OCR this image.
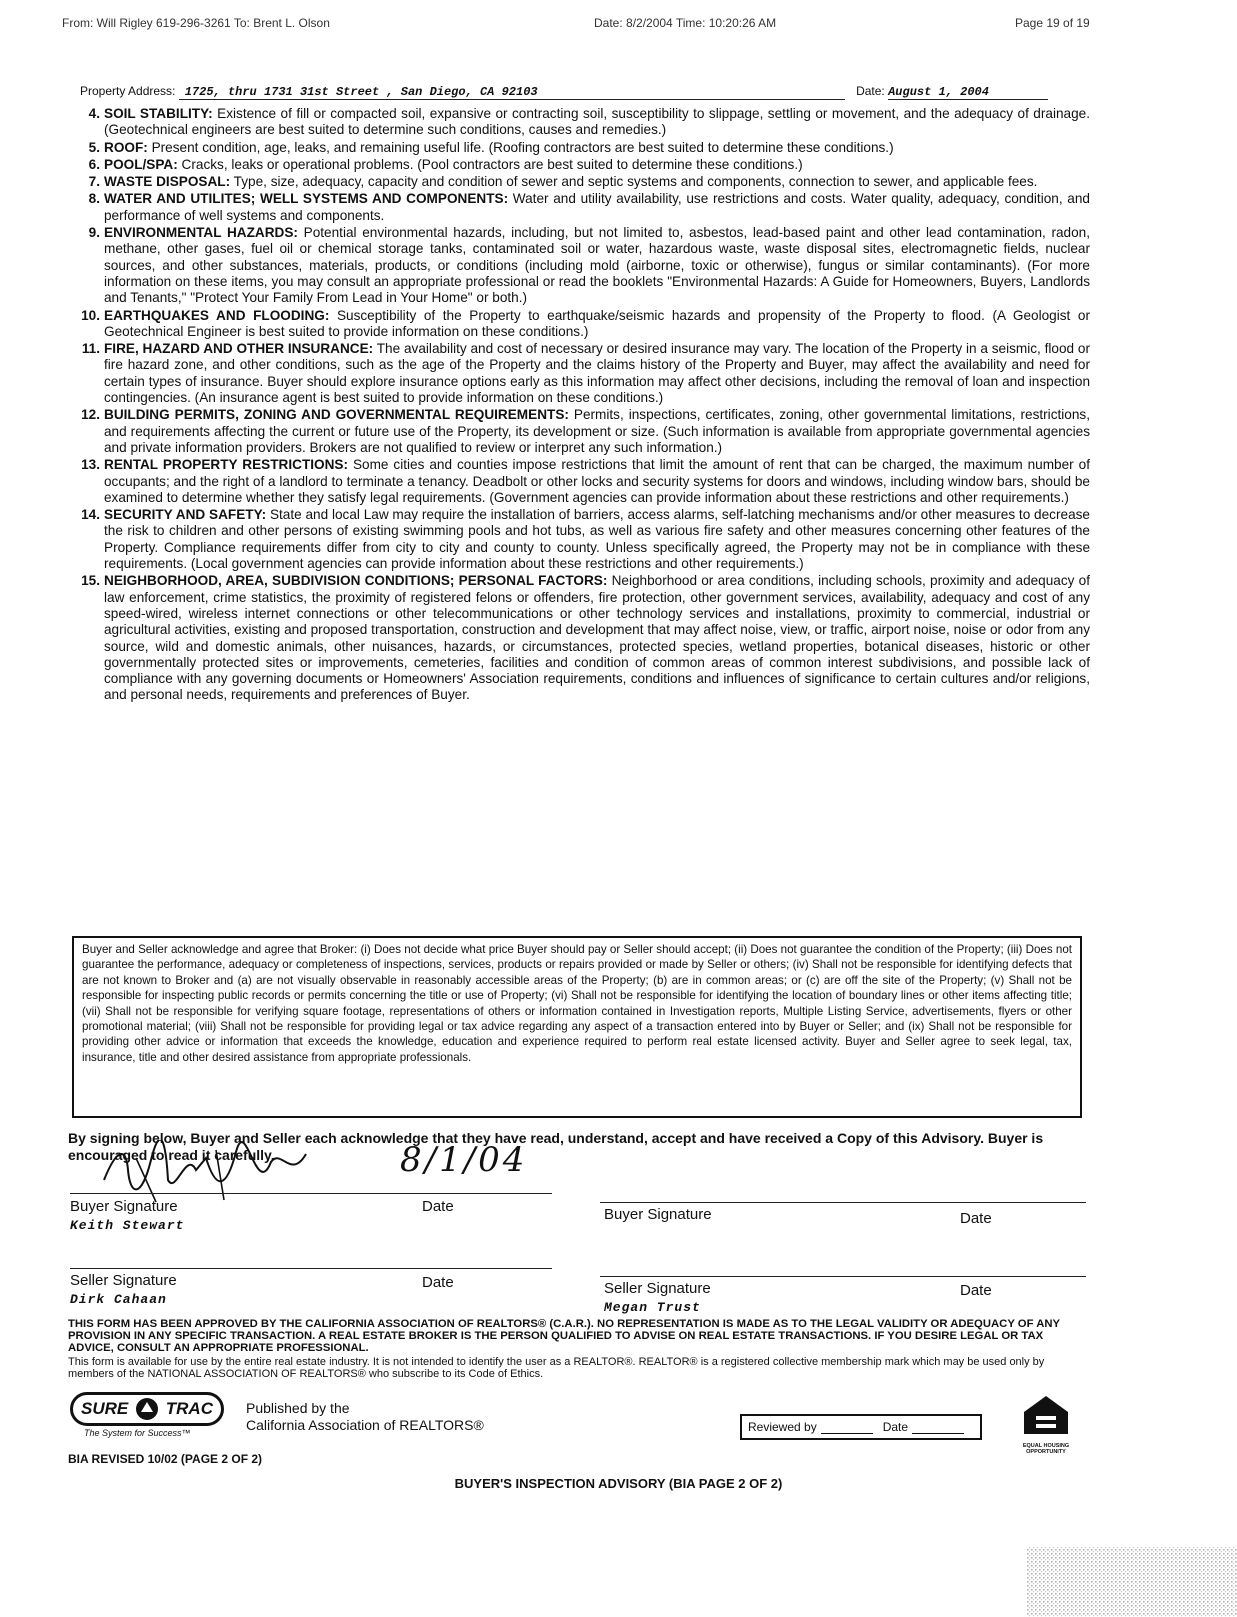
From: Will Rigley 619-296-3261 To: Brent L. Olson	Date: 8/2/2004 Time: 10:20:26 AM	Page 19 of 19
Property Address: 1725, thru 1731 31st Street , San Diego, CA 92103	Date: August 1, 2004
4. SOIL STABILITY: Existence of fill or compacted soil, expansive or contracting soil, susceptibility to slippage, settling or movement, and the adequacy of drainage. (Geotechnical engineers are best suited to determine such conditions, causes and remedies.)
5. ROOF: Present condition, age, leaks, and remaining useful life. (Roofing contractors are best suited to determine these conditions.)
6. POOL/SPA: Cracks, leaks or operational problems. (Pool contractors are best suited to determine these conditions.)
7. WASTE DISPOSAL: Type, size, adequacy, capacity and condition of sewer and septic systems and components, connection to sewer, and applicable fees.
8. WATER AND UTILITES; WELL SYSTEMS AND COMPONENTS: Water and utility availability, use restrictions and costs. Water quality, adequacy, condition, and performance of well systems and components.
9. ENVIRONMENTAL HAZARDS: Potential environmental hazards, including, but not limited to, asbestos, lead-based paint and other lead contamination, radon, methane, other gases, fuel oil or chemical storage tanks, contaminated soil or water, hazardous waste, waste disposal sites, electromagnetic fields, nuclear sources, and other substances, materials, products, or conditions (including mold (airborne, toxic or otherwise), fungus or similar contaminants). (For more information on these items, you may consult an appropriate professional or read the booklets "Environmental Hazards: A Guide for Homeowners, Buyers, Landlords and Tenants," "Protect Your Family From Lead in Your Home" or both.)
10. EARTHQUAKES AND FLOODING: Susceptibility of the Property to earthquake/seismic hazards and propensity of the Property to flood. (A Geologist or Geotechnical Engineer is best suited to provide information on these conditions.)
11. FIRE, HAZARD AND OTHER INSURANCE: The availability and cost of necessary or desired insurance may vary. The location of the Property in a seismic, flood or fire hazard zone, and other conditions, such as the age of the Property and the claims history of the Property and Buyer, may affect the availability and need for certain types of insurance. Buyer should explore insurance options early as this information may affect other decisions, including the removal of loan and inspection contingencies. (An insurance agent is best suited to provide information on these conditions.)
12. BUILDING PERMITS, ZONING AND GOVERNMENTAL REQUIREMENTS: Permits, inspections, certificates, zoning, other governmental limitations, restrictions, and requirements affecting the current or future use of the Property, its development or size. (Such information is available from appropriate governmental agencies and private information providers. Brokers are not qualified to review or interpret any such information.)
13. RENTAL PROPERTY RESTRICTIONS: Some cities and counties impose restrictions that limit the amount of rent that can be charged, the maximum number of occupants; and the right of a landlord to terminate a tenancy. Deadbolt or other locks and security systems for doors and windows, including window bars, should be examined to determine whether they satisfy legal requirements. (Government agencies can provide information about these restrictions and other requirements.)
14. SECURITY AND SAFETY: State and local Law may require the installation of barriers, access alarms, self-latching mechanisms and/or other measures to decrease the risk to children and other persons of existing swimming pools and hot tubs, as well as various fire safety and other measures concerning other features of the Property. Compliance requirements differ from city to city and county to county. Unless specifically agreed, the Property may not be in compliance with these requirements. (Local government agencies can provide information about these restrictions and other requirements.)
15. NEIGHBORHOOD, AREA, SUBDIVISION CONDITIONS; PERSONAL FACTORS: Neighborhood or area conditions, including schools, proximity and adequacy of law enforcement, crime statistics, the proximity of registered felons or offenders, fire protection, other government services, availability, adequacy and cost of any speed-wired, wireless internet connections or other telecommunications or other technology services and installations, proximity to commercial, industrial or agricultural activities, existing and proposed transportation, construction and development that may affect noise, view, or traffic, airport noise, noise or odor from any source, wild and domestic animals, other nuisances, hazards, or circumstances, protected species, wetland properties, botanical diseases, historic or other governmentally protected sites or improvements, cemeteries, facilities and condition of common areas of common interest subdivisions, and possible lack of compliance with any governing documents or Homeowners' Association requirements, conditions and influences of significance to certain cultures and/or religions, and personal needs, requirements and preferences of Buyer.
Buyer and Seller acknowledge and agree that Broker: (i) Does not decide what price Buyer should pay or Seller should accept; (ii) Does not guarantee the condition of the Property; (iii) Does not guarantee the performance, adequacy or completeness of inspections, services, products or repairs provided or made by Seller or others; (iv) Shall not be responsible for identifying defects that are not known to Broker and (a) are not visually observable in reasonably accessible areas of the Property; (b) are in common areas; or (c) are off the site of the Property; (v) Shall not be responsible for inspecting public records or permits concerning the title or use of Property; (vi) Shall not be responsible for identifying the location of boundary lines or other items affecting title; (vii) Shall not be responsible for verifying square footage, representations of others or information contained in Investigation reports, Multiple Listing Service, advertisements, flyers or other promotional material; (viii) Shall not be responsible for providing legal or tax advice regarding any aspect of a transaction entered into by Buyer or Seller; and (ix) Shall not be responsible for providing other advice or information that exceeds the knowledge, education and experience required to perform real estate licensed activity. Buyer and Seller agree to seek legal, tax, insurance, title and other desired assistance from appropriate professionals.
By signing below, Buyer and Seller each acknowledge that they have read, understand, accept and have received a Copy of this Advisory. Buyer is encouraged to read it carefully.	8/1/04
Buyer Signature	Date
Keith Stewart
Buyer Signature	Date
Seller Signature	Date
Dirk Cahaan
Seller Signature	Date
Megan Trust

THIS FORM HAS BEEN APPROVED BY THE CALIFORNIA ASSOCIATION OF REALTORS® (C.A.R.). NO REPRESENTATION IS MADE AS TO THE LEGAL VALIDITY OR ADEQUACY OF ANY PROVISION IN ANY SPECIFIC TRANSACTION. A REAL ESTATE BROKER IS THE PERSON QUALIFIED TO ADVISE ON REAL ESTATE TRANSACTIONS. IF YOU DESIRE LEGAL OR TAX ADVICE, CONSULT AN APPROPRIATE PROFESSIONAL.

This form is available for use by the entire real estate industry. It is not intended to identify the user as a REALTOR®. REALTOR® is a registered collective membership mark which may be used only by members of the NATIONAL ASSOCIATION OF REALTORS® who subscribe to its Code of Ethics.

SURE TRAC
The System for Success™
Published by the
California Association of REALTORS®	Reviewed by	Date
EQUAL HOUSING OPPORTUNITY
BIA REVISED 10/02 (PAGE 2 OF 2)
BUYER'S INSPECTION ADVISORY (BIA PAGE 2 OF 2)
